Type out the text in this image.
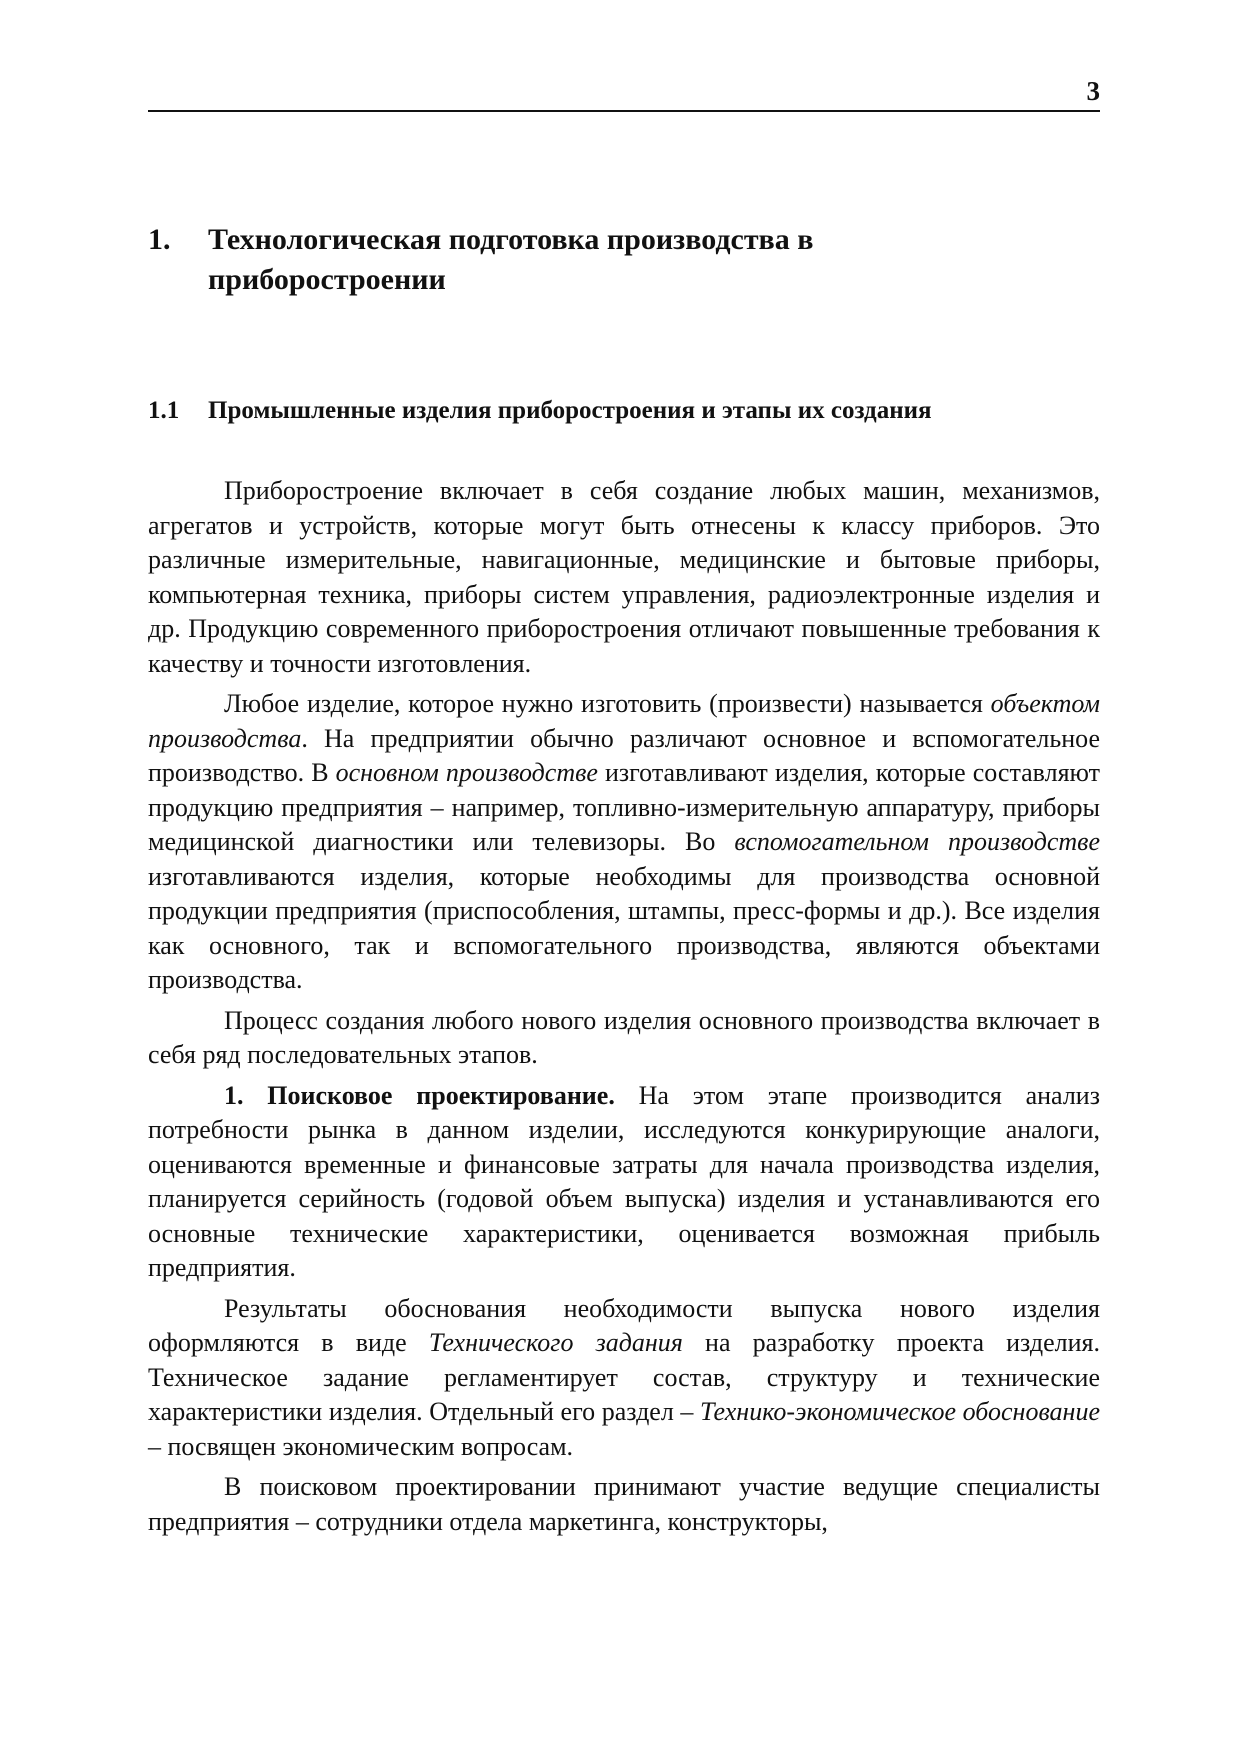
3
1. Технологическая подготовка производства в приборостроении
1.1 Промышленные изделия приборостроения и этапы их создания

Приборостроение включает в себя создание любых машин, механизмов, агрегатов и устройств, которые могут быть отнесены к классу приборов. Это различные измерительные, навигационные, медицинские и бытовые приборы, компьютерная техника, приборы систем управления, радиоэлектронные изделия и др. Продукцию современного приборостроения отличают повышенные требования к качеству и точности изготовления.

Любое изделие, которое нужно изготовить (произвести) называется объектом производства. На предприятии обычно различают основное и вспомогательное производство. В основном производстве изготавливают изделия, которые составляют продукцию предприятия – например, топливно-измерительную аппаратуру, приборы медицинской диагностики или телевизоры. Во вспомогательном производстве изготавливаются изделия, которые необходимы для производства основной продукции предприятия (приспособления, штампы, пресс-формы и др.). Все изделия как основного, так и вспомогательного производства, являются объектами производства.

Процесс создания любого нового изделия основного производства включает в себя ряд последовательных этапов.

1. Поисковое проектирование. На этом этапе производится анализ потребности рынка в данном изделии, исследуются конкурирующие аналоги, оцениваются временные и финансовые затраты для начала производства изделия, планируется серийность (годовой объем выпуска) изделия и устанавливаются его основные технические характеристики, оценивается возможная прибыль предприятия.

Результаты обоснования необходимости выпуска нового изделия оформляются в виде Технического задания на разработку проекта изделия. Техническое задание регламентирует состав, структуру и технические характеристики изделия. Отдельный его раздел – Технико-экономическое обоснование – посвящен экономическим вопросам.

В поисковом проектировании принимают участие ведущие специалисты предприятия – сотрудники отдела маркетинга, конструкторы,
